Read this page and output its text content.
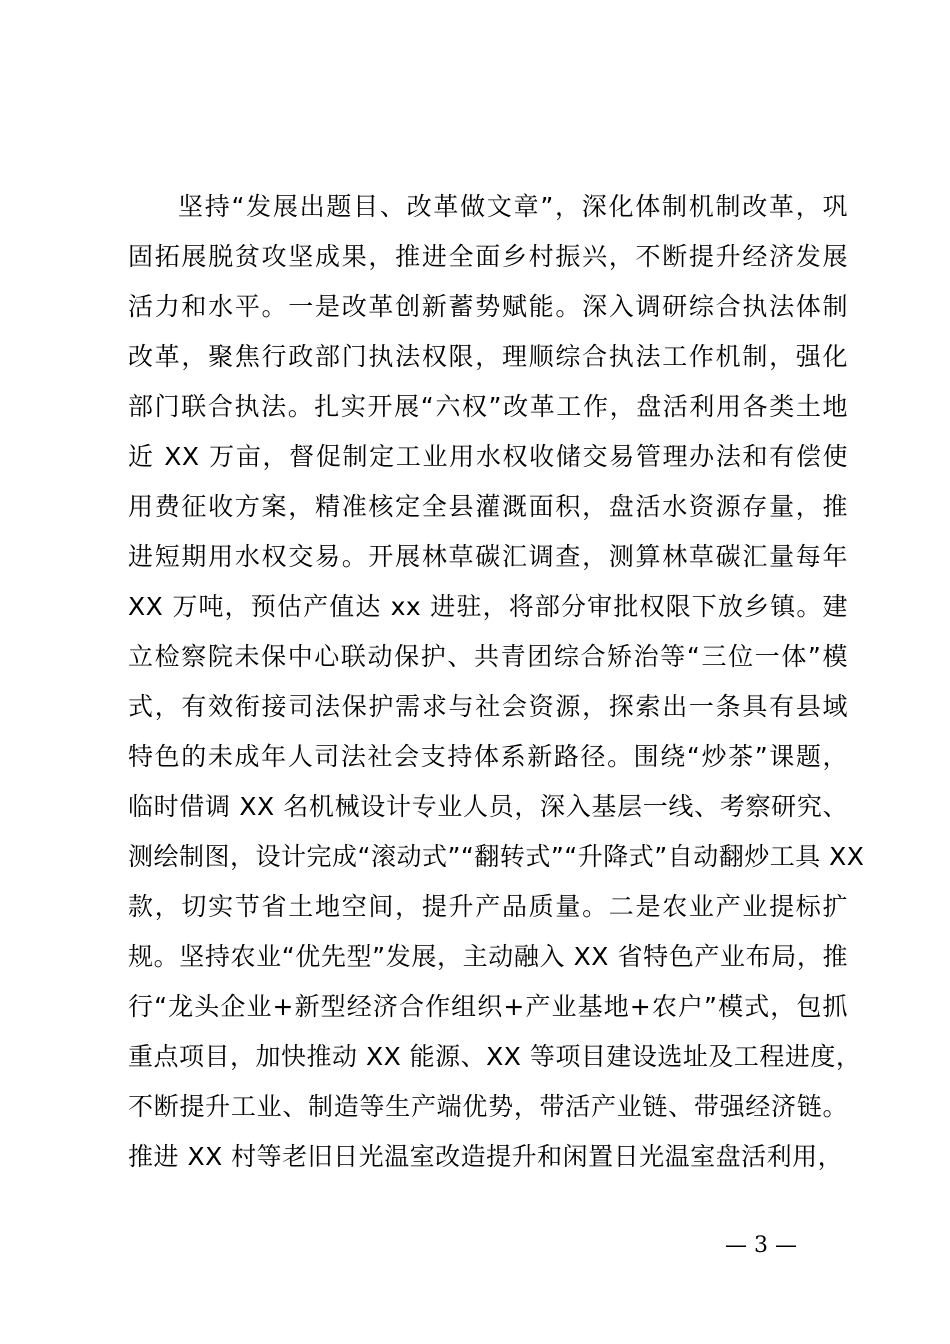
坚持“发展出题目、改革做文章”，深化体制机制改革，巩
固拓展脱贫攻坚成果，推进全面乡村振兴，不断提升经济发展
活力和水平。一是改革创新蓄势赋能。深入调研综合执法体制
改革，聚焦行政部门执法权限，理顺综合执法工作机制，强化
部门联合执法。扎实开展“六权”改革工作，盘活利用各类土地
近 XX 万亩，督促制定工业用水权收储交易管理办法和有偿使
用费征收方案，精准核定全县灌溉面积，盘活水资源存量，推
进短期用水权交易。开展林草碳汇调查，测算林草碳汇量每年
XX 万吨，预估产值达 xx 进驻，将部分审批权限下放乡镇。建
立检察院未保中心联动保护、共青团综合矫治等“三位一体”模
式，有效衔接司法保护需求与社会资源，探索出一条具有县域
特色的未成年人司法社会支持体系新路径。围绕“炒茶”课题，
临时借调 XX 名机械设计专业人员，深入基层一线、考察研究、
测绘制图，设计完成“滚动式”“翻转式”“升降式”自动翻炒工具 XX
款，切实节省土地空间，提升产品质量。二是农业产业提标扩
规。坚持农业“优先型”发展，主动融入 XX 省特色产业布局，推
行“龙头企业+新型经济合作组织+产业基地+农户”模式，包抓
重点项目，加快推动 XX 能源、XX 等项目建设选址及工程进度，
不断提升工业、制造等生产端优势，带活产业链、带强经济链。
推进 XX 村等老旧日光温室改造提升和闲置日光温室盘活利用，
— 3 —
